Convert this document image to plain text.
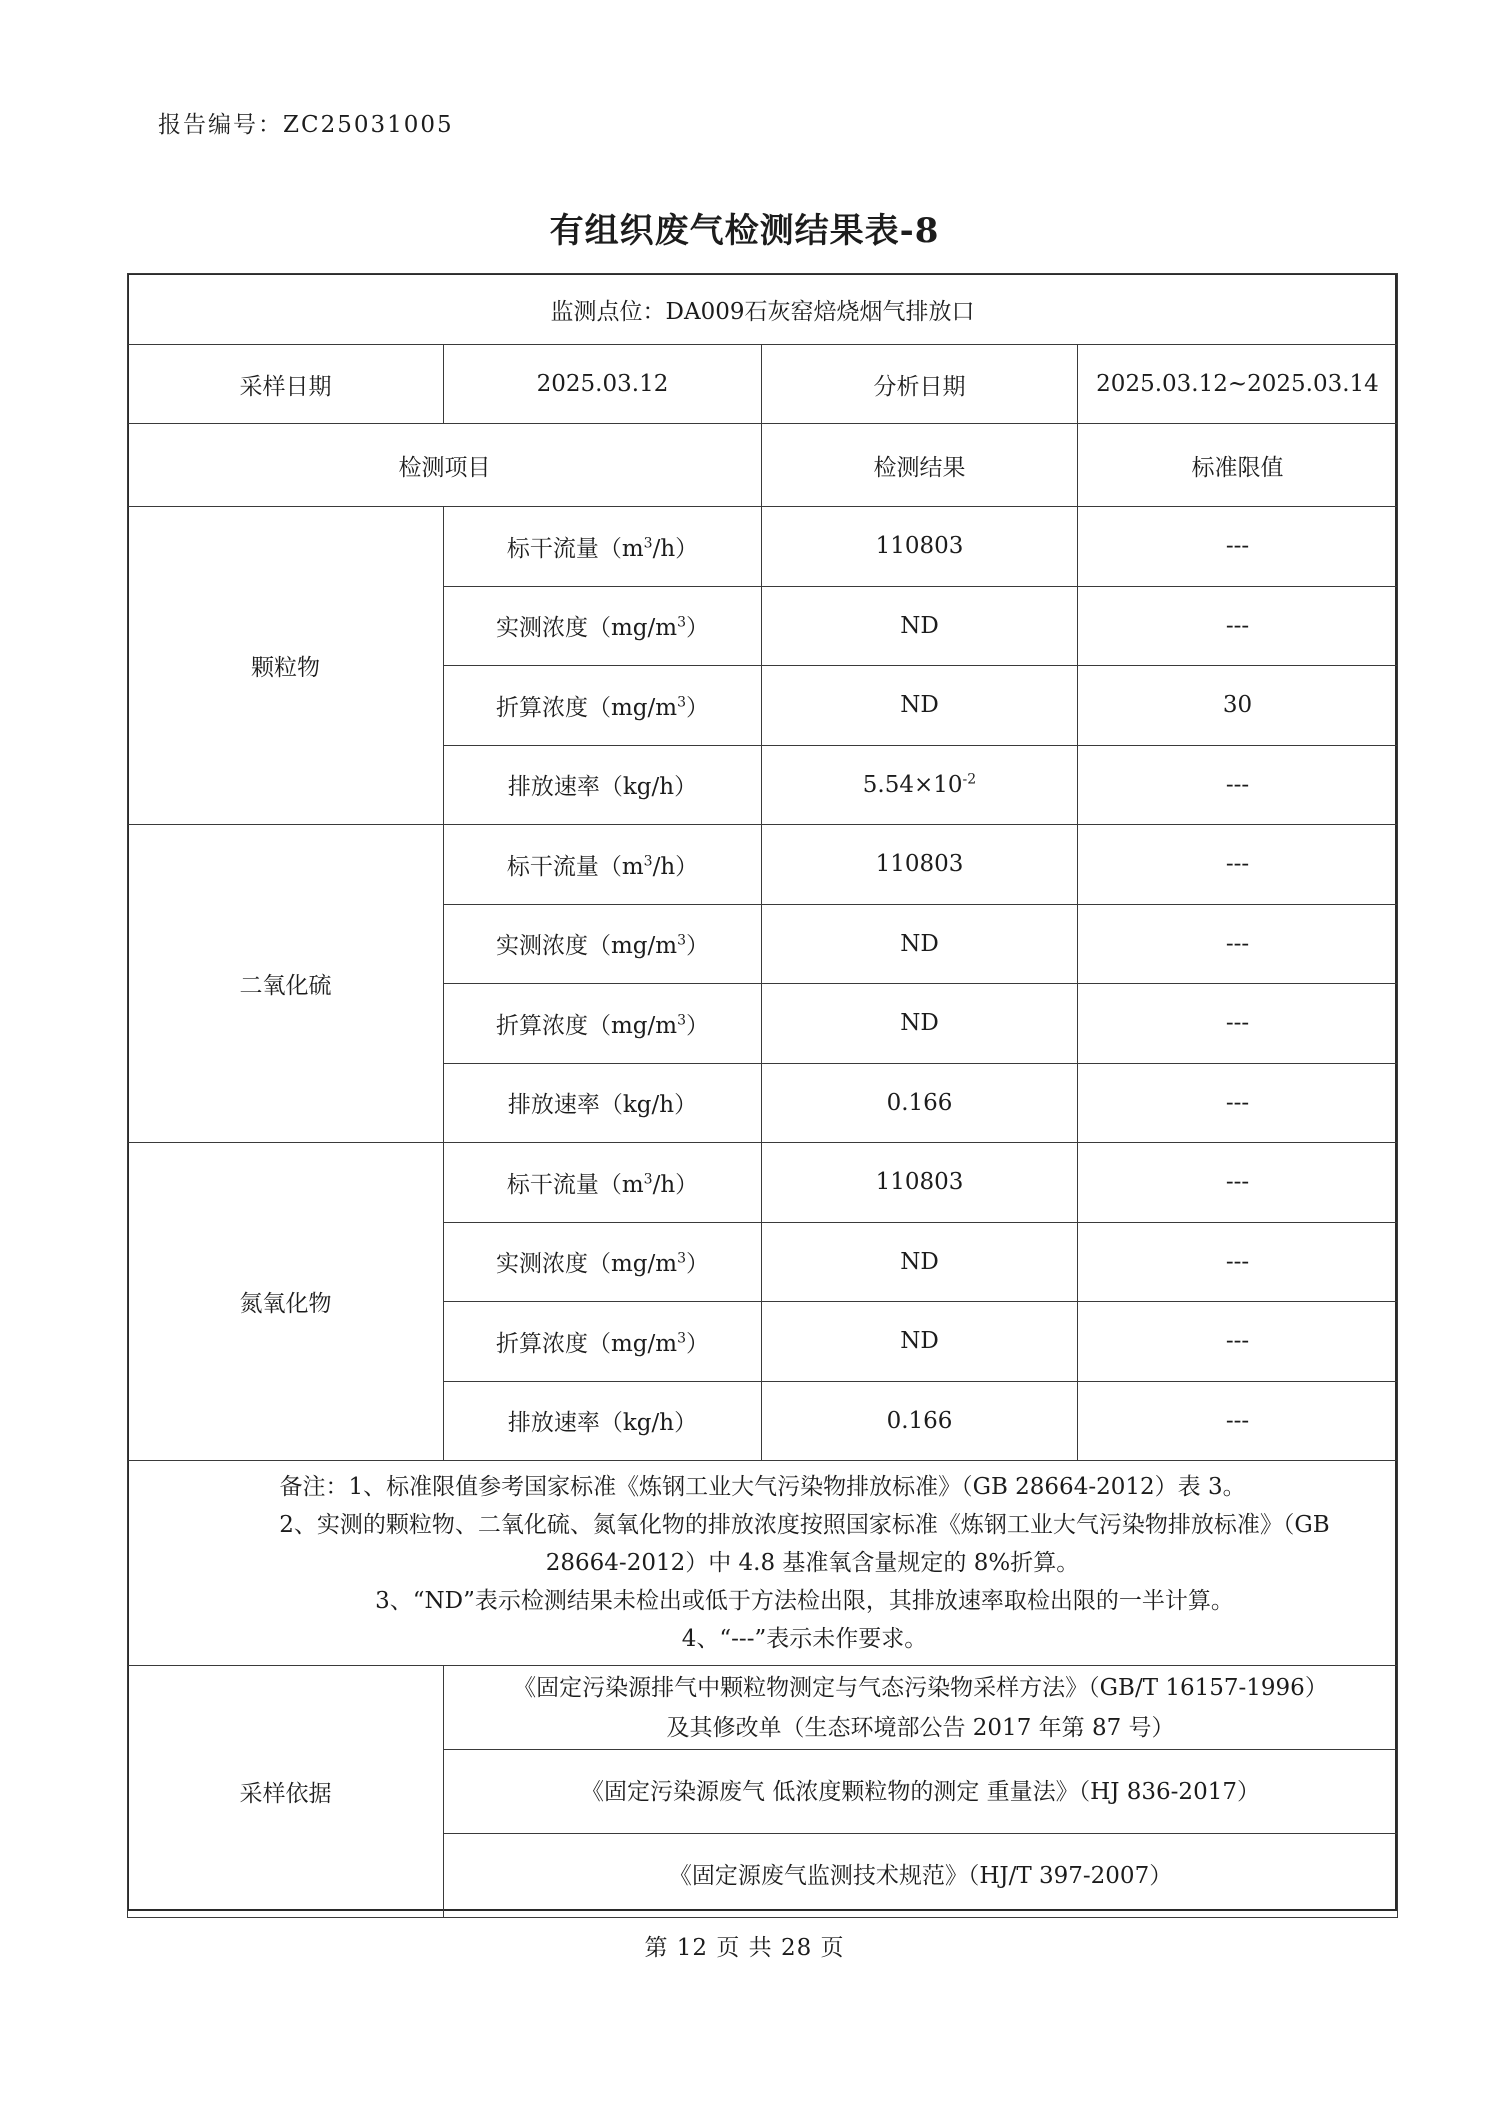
报告编号：ZC25031005
有组织废气检测结果表-8
监测点位：DA009石灰窑焙烧烟气排放口			
采样日期	2025.03.12	分析日期	2025.03.12~2025.03.14
检测项目		检测结果	标准限值
颗粒物	标干流量$(m^3/h)$	110803	---
	实测浓度$(mg/m^3)$	ND	---
	折算浓度$(mg/m^3)$	ND	30
	排放速率（kg/h）	$5.54\times 10^{-2}$	---
二氧化硫	标干流量$(m^3/h)$	110803	---
	实测浓度$(mg/m^3)$	ND	---
	折算浓度$(mg/m^3)$	ND	---
	排放速率（kg/h）	0.166	---
氮氧化物	标干流量$(m^3/h)$	110803	---
	实测浓度$(mg/m^3)$	ND	---
	折算浓度$(mg/m^3)$	ND	---
	排放速率（kg/h）	0.166	---

备注：1、标准限值参考国家标准《炼钢工业大气污染物排放标准》（GB 28664-2012）表 3。
2、实测的颗粒物、二氧化硫、氮氧化物的排放浓度按照国家标准《炼钢工业大气污染物排放标准》（GB
28664-2012）中 4.8 基准氧含量规定的 8%折算。
3、“ND”表示检测结果未检出或低于方法检出限，其排放速率取检出限的一半计算。
4、“---”表示未作要求。			

采样依据	《固定污染源排气中颗粒物测定与气态污染物采样方法》（GB/T 16157-1996）
及其修改单（生态环境部公告 2017 年第 87 号）		

	《固定污染源废气 低浓度颗粒物的测定 重量法》（HJ 836-2017）		

	《固定源废气监测技术规范》（HJ/T 397-2007）		
第 12 页 共 28 页
